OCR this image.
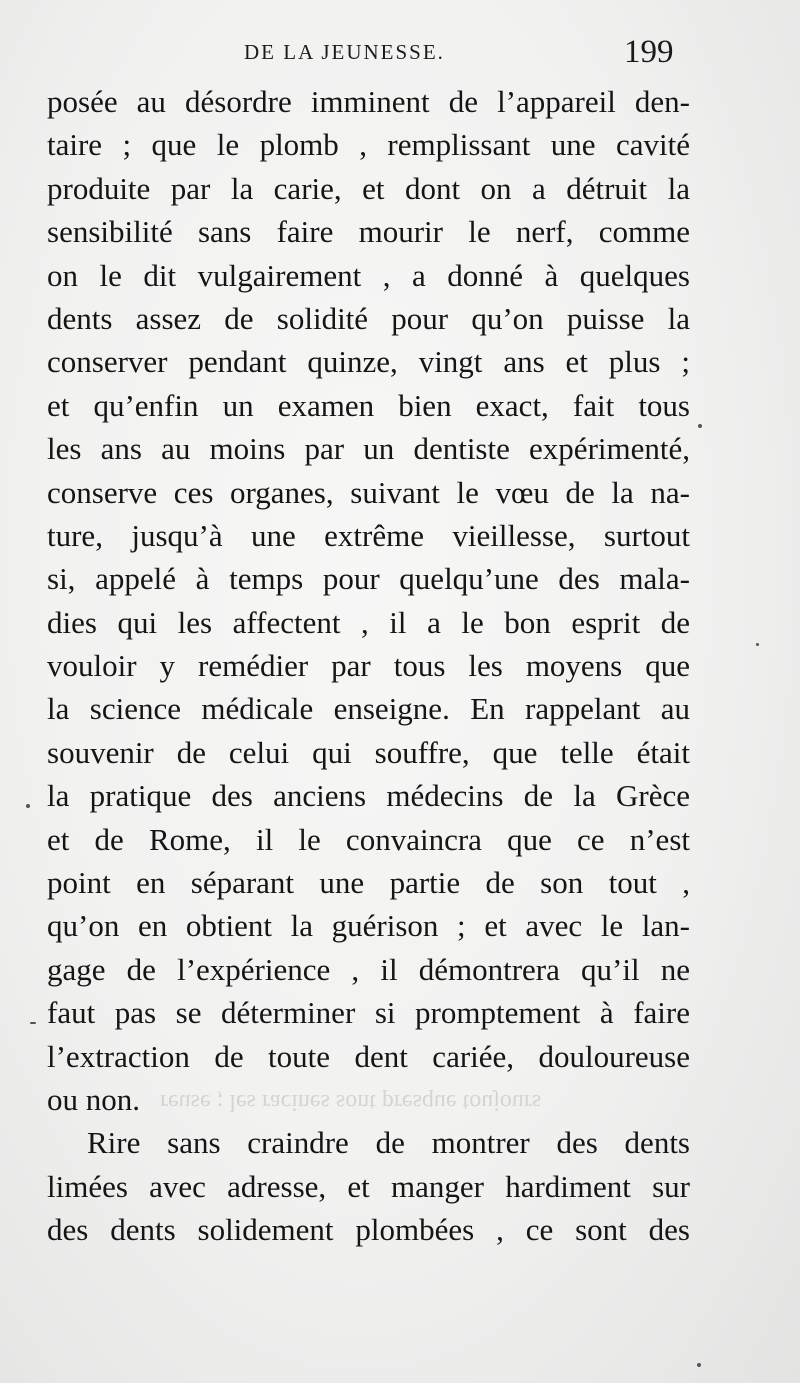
DE LA JEUNESSE.	199
posée au désordre imminent de l’appareil den-
taire ; que le plomb , remplissant une cavité
produite par la carie, et dont on a détruit la
sensibilité sans faire mourir le nerf, comme
on le dit vulgairement , a donné à quelques
dents assez de solidité pour qu’on puisse la
conserver pendant quinze, vingt ans et plus ;
et qu’enfin un examen bien exact, fait tous
les ans au moins par un dentiste expérimenté,
conserve ces organes, suivant le vœu de la na-
ture, jusqu’à une extrême vieillesse, surtout
si, appelé à temps pour quelqu’une des mala-
dies qui les affectent , il a le bon esprit de
vouloir y remédier par tous les moyens que
la science médicale enseigne. En rappelant au
souvenir de celui qui souffre, que telle était
la pratique des anciens médecins de la Grèce
et de Rome, il le convaincra que ce n’est
point en séparant une partie de son tout ,
qu’on en obtient la guérison ; et avec le lan-
gage de l’expérience , il démontrera qu’il ne
faut pas se déterminer si promptement à faire
l’extraction de toute dent cariée, douloureuse
ou non.
Rire sans craindre de montrer des dents
limées avec adresse, et manger hardiment sur
des dents solidement plombées , ce sont des
reuse ; les racines sont presque toujours
